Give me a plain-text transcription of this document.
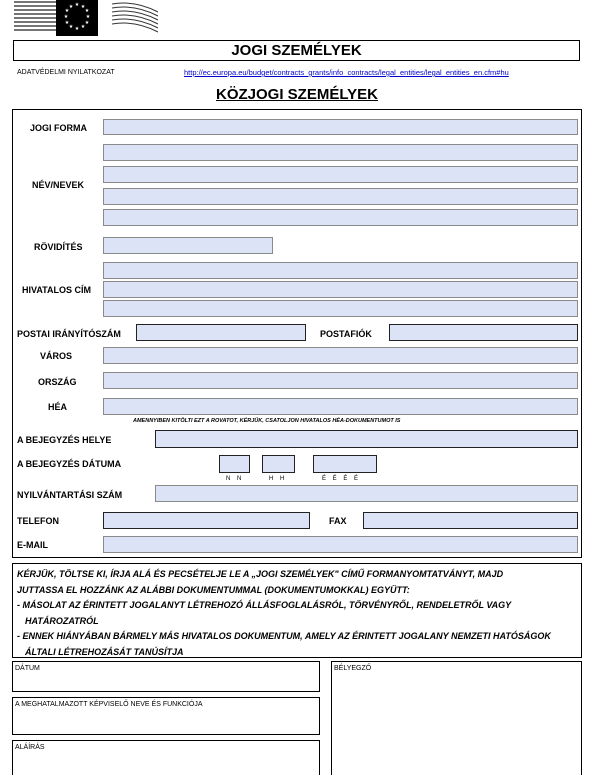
★ ★
★
★
★
★
★
★
★
★
★
★
JOGI SZEMÉLYEK
ADATVÉDELMI NYILATKOZAT	http://ec.europa.eu/budget/contracts_grants/info_contracts/legal_entities/legal_entities_en.cfm#hu
KÖZJOGI SZEMÉLYEK
JOGI FORMA
NÉV/NEVEK
RÖVIDÍTÉS
HIVATALOS CÍM
POSTAI IRÁNYÍTÓSZÁM	POSTAFIÓK
VÁROS
ORSZÁG
HÉA
AMENNYIBEN KITÖLTI EZT A ROVATOT, KÉRJÜK, CSATOLJON HIVATALOS HÉA-DOKUMENTUMOT IS
A BEJEGYZÉS HELYE
A BEJEGYZÉS DÁTUMA
N    N	H    H	É    É    É    É
NYILVÁNTARTÁSI SZÁM
TELEFON	FAX
E-MAIL
KÉRJÜK, TÖLTSE KI, ÍRJA ALÁ ÉS PECSÉTELJE LE A „JOGI SZEMÉLYEK" CÍMŰ FORMANYOMTATVÁNYT, MAJD
JUTTASSA EL HOZZÁNK AZ ALÁBBI DOKUMENTUMMAL (DOKUMENTUMOKKAL) EGYÜTT:
- MÁSOLAT AZ ÉRINTETT JOGALANYT LÉTREHOZÓ ÁLLÁSFOGLALÁSRÓL, TÖRVÉNYRŐL, RENDELETRŐL VAGY
HATÁROZATRÓL
- ENNEK HIÁNYÁBAN BÁRMELY MÁS HIVATALOS DOKUMENTUM, AMELY AZ ÉRINTETT JOGALANY NEMZETI HATÓSÁGOK
ÁLTALI LÉTREHOZÁSÁT TANÚSÍTJA
DÁTUM	BÉLYEGZŐ
A MEGHATALMAZOTT KÉPVISELŐ NEVE ÉS FUNKCIÓJA
ALÁÍRÁS
